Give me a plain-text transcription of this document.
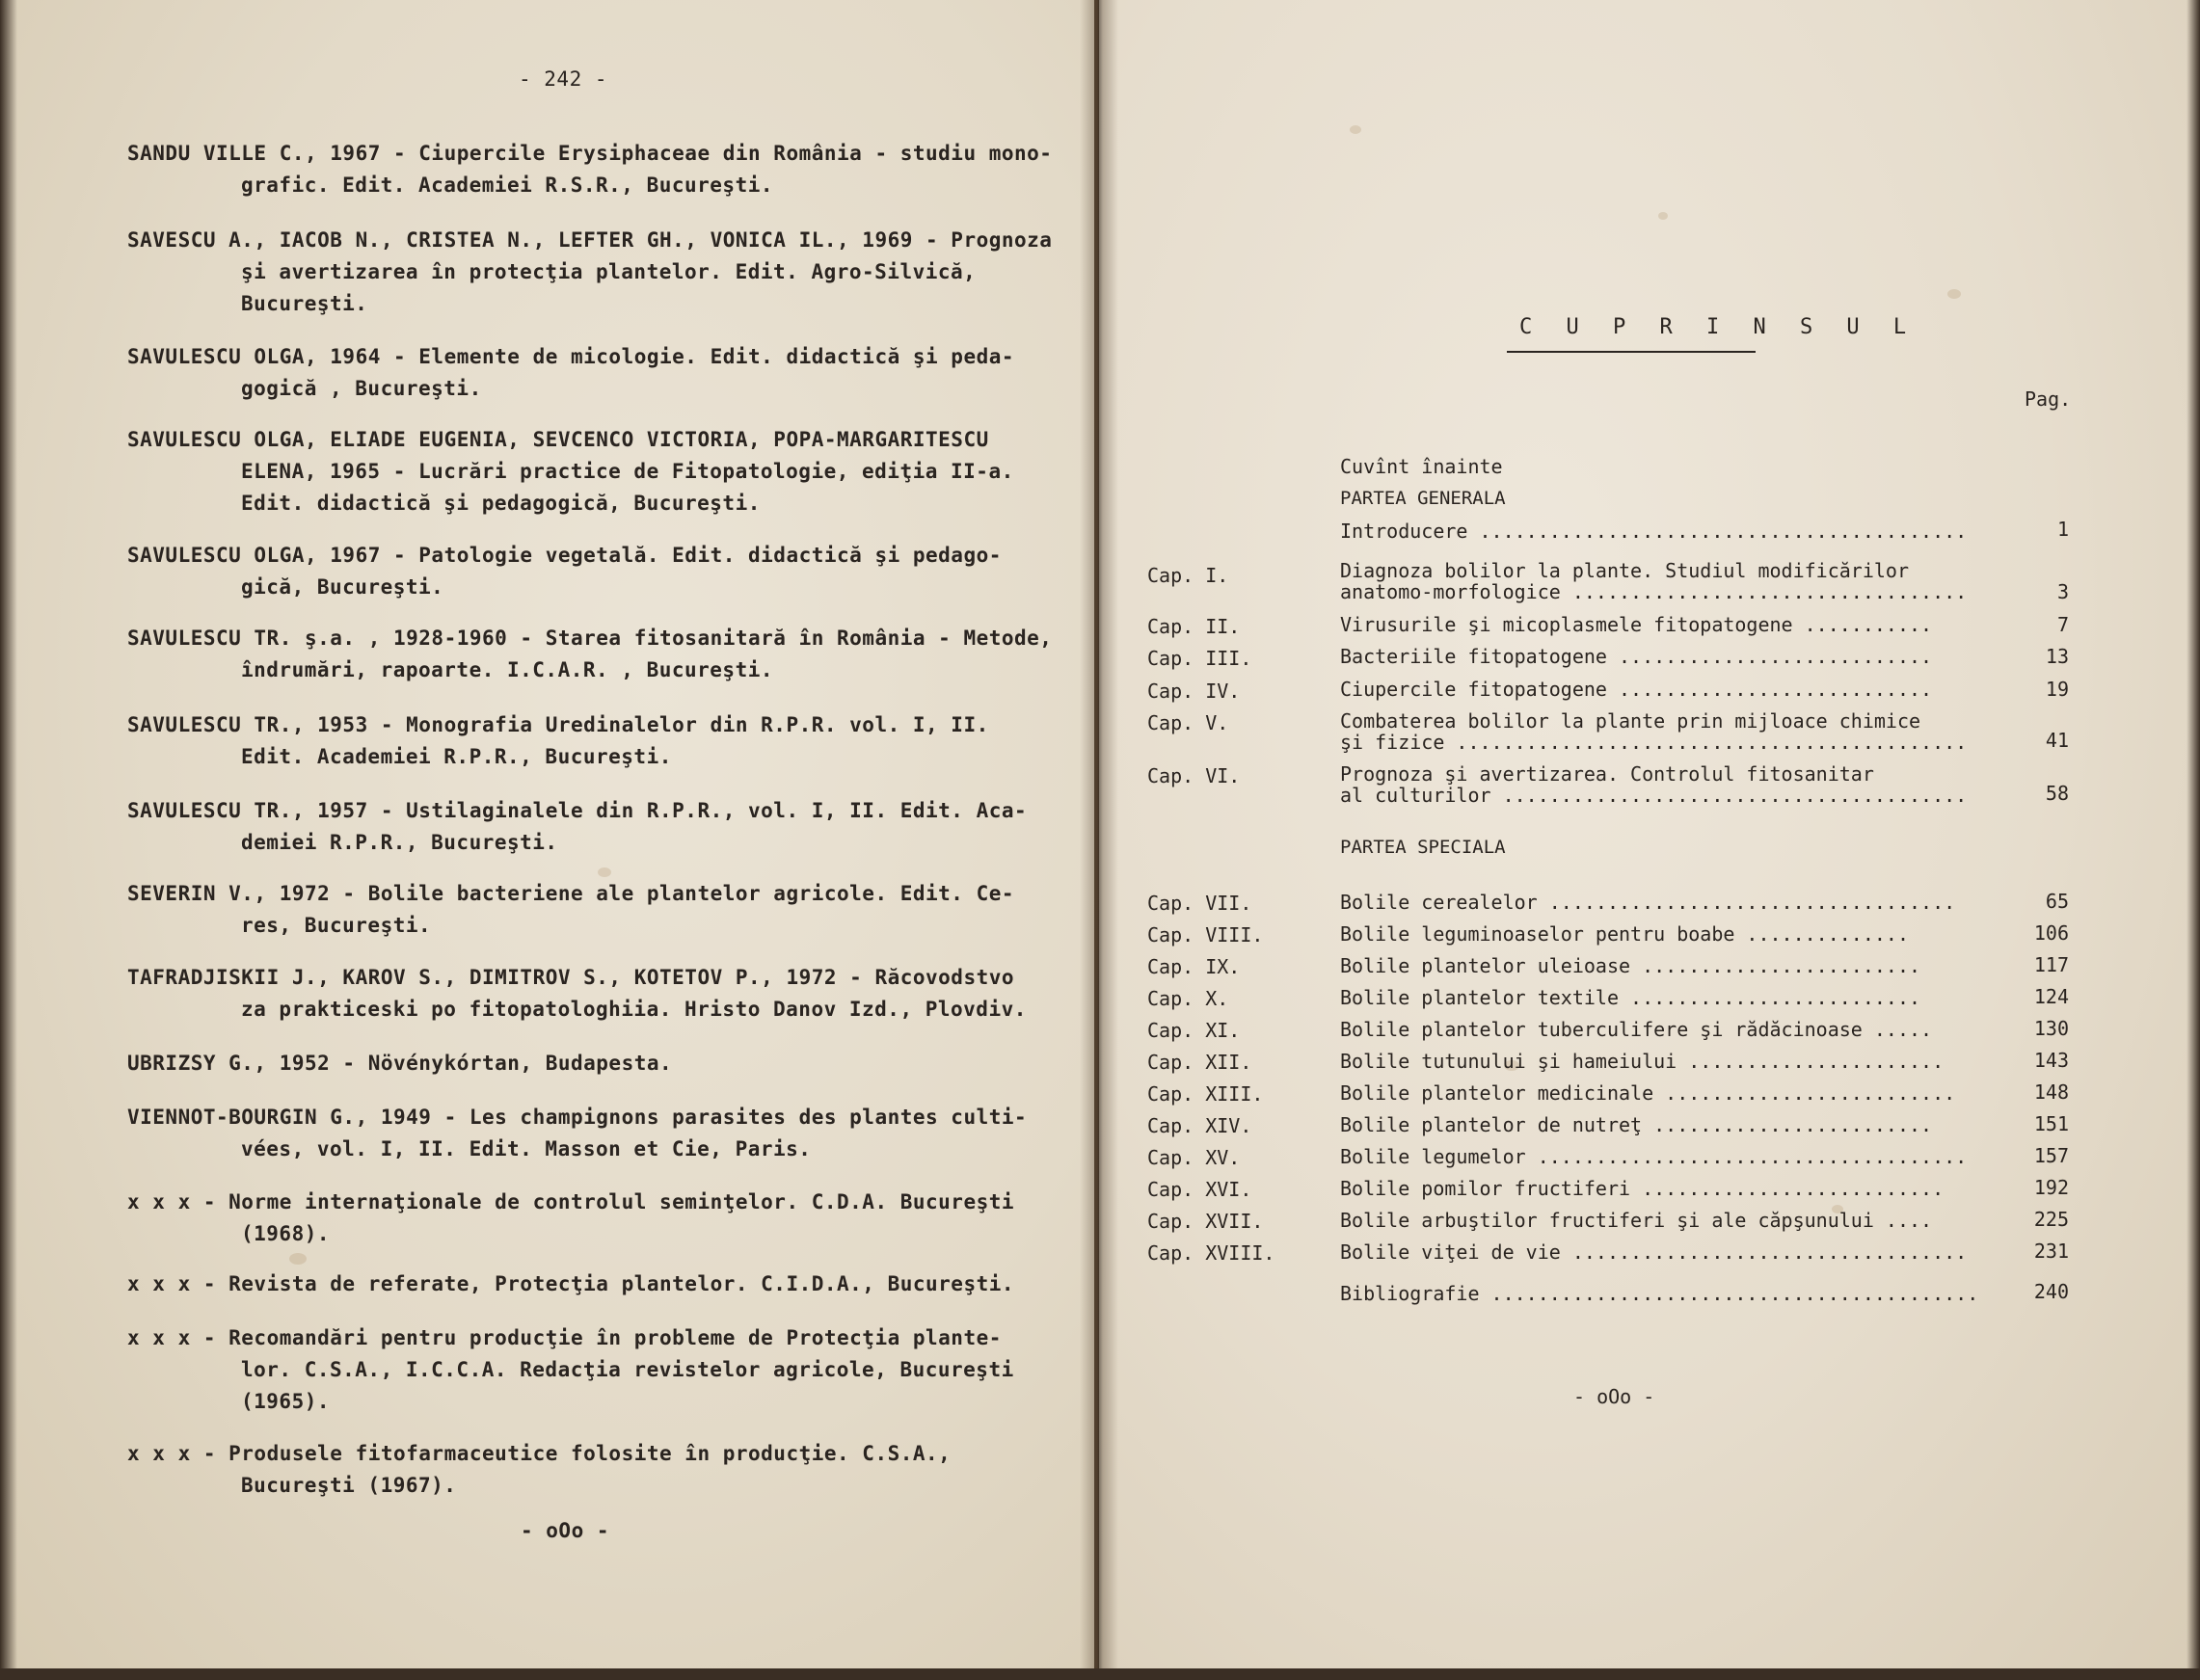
- 242 -
SANDU VILLE C., 1967 - Ciupercile Erysiphaceae din România - studiu mono-
grafic. Edit. Academiei R.S.R., Bucureşti.
SAVESCU A., IACOB N., CRISTEA N., LEFTER GH., VONICA IL., 1969 - Prognoza
şi avertizarea în protecţia plantelor. Edit. Agro-Silvică,
Bucureşti.
SAVULESCU OLGA, 1964 - Elemente de micologie. Edit. didactică şi peda-
gogică , Bucureşti.
SAVULESCU OLGA, ELIADE EUGENIA, SEVCENCO VICTORIA, POPA-MARGARITESCU
ELENA, 1965 - Lucrări practice de Fitopatologie, ediţia II-a.
Edit. didactică şi pedagogică, Bucureşti.
SAVULESCU OLGA, 1967 - Patologie vegetală. Edit. didactică şi pedago-
gică, Bucureşti.
SAVULESCU TR. ş.a. , 1928-1960 - Starea fitosanitară în România - Metode,
îndrumări, rapoarte. I.C.A.R. , Bucureşti.
SAVULESCU TR., 1953 - Monografia Uredinalelor din R.P.R. vol. I, II.
Edit. Academiei R.P.R., Bucureşti.
SAVULESCU TR., 1957 - Ustilaginalele din R.P.R., vol. I, II. Edit. Aca-
demiei R.P.R., Bucureşti.
SEVERIN V., 1972 - Bolile bacteriene ale plantelor agricole. Edit. Ce-
res, Bucureşti.
TAFRADJISKII J., KAROV S., DIMITROV S., KOTETOV P., 1972 - Răcovodstvo
za prakticeski po fitopatologhiia. Hristo Danov Izd., Plovdiv.
UBRIZSY G., 1952 - Növénykórtan, Budapesta.
VIENNOT-BOURGIN G., 1949 - Les champignons parasites des plantes culti-
vées, vol. I, II. Edit. Masson et Cie, Paris.
x x x - Norme internaţionale de controlul seminţelor. C.D.A. Bucureşti
(1968).
x x x - Revista de referate, Protecţia plantelor. C.I.D.A., Bucureşti.
x x x - Recomandări pentru producţie în probleme de Protecţia plante-
lor. C.S.A., I.C.C.A. Redacţia revistelor agricole, Bucureşti
(1965).
x x x - Produsele fitofarmaceutice folosite în producţie. C.S.A.,
Bucureşti (1967).
- oOo -
C U P R I N S U L
Pag.
Cuvînt înainte
PARTEA GENERALA
Introducere ..........................................	1
Cap. I.	Diagnoza bolilor la plante. Studiul modificărilor
anatomo-morfologice ..................................	3
Cap. II.	Virusurile şi micoplasmele fitopatogene ...........	7
Cap. III.	Bacteriile fitopatogene ...........................	13
Cap. IV.	Ciupercile fitopatogene ...........................	19
Cap. V.	Combaterea bolilor la plante prin mijloace chimice
şi fizice ............................................	41
Cap. VI.	Prognoza şi avertizarea. Controlul fitosanitar
al culturilor ........................................	58
PARTEA SPECIALA
Cap. VII.	Bolile cerealelor ...................................	65
Cap. VIII.	Bolile leguminoaselor pentru boabe ..............	106
Cap. IX.	Bolile plantelor uleioase ........................	117
Cap. X.	Bolile plantelor textile .........................	124
Cap. XI.	Bolile plantelor tuberculifere şi rădăcinoase .....	130
Cap. XII.	Bolile tutunului şi hameiului ......................	143
Cap. XIII.	Bolile plantelor medicinale .........................	148
Cap. XIV.	Bolile plantelor de nutreţ ........................	151
Cap. XV.	Bolile legumelor .....................................	157
Cap. XVI.	Bolile pomilor fructiferi ..........................	192
Cap. XVII.	Bolile arbuştilor fructiferi şi ale căpşunului ....	225
Cap. XVIII.	Bolile viţei de vie ..................................	231
Bibliografie ..........................................	240
- oOo -
